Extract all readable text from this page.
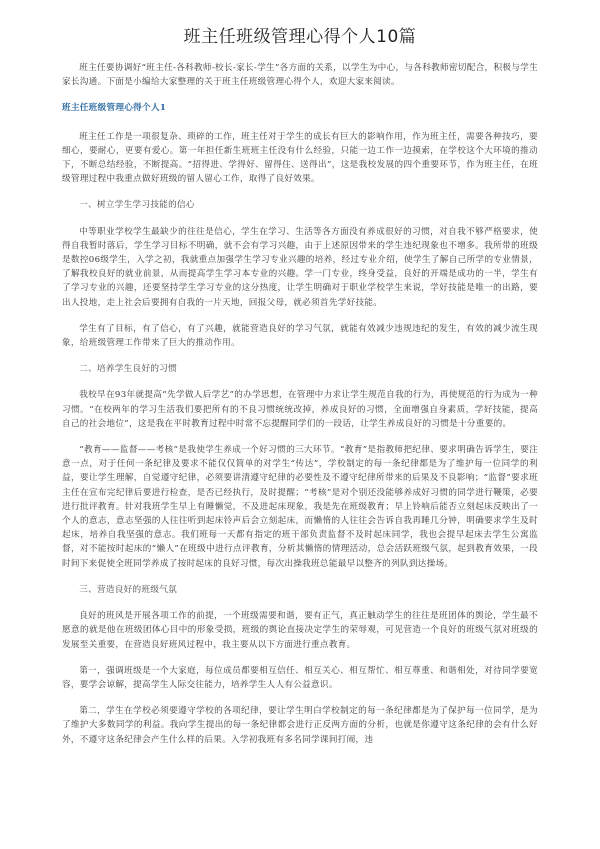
班主任班级管理心得个人10篇

班主任要协调好“班主任-各科教师-校长-家长-学生”各方面的关系，以学生为中心，与各科教师密切配合，积极与学生家长沟通。下面是小编给大家整理的关于班主任班级管理心得个人，欢迎大家来阅读。

班主任班级管理心得个人1

班主任工作是一项很复杂、琐碎的工作，班主任对于学生的成长有巨大的影响作用，作为班主任，需要各种技巧，要细心，要耐心，更要有爱心。第一年担任新生班班主任没有什么经验，只能一边工作一边摸索，在学校这个大环境的推动下，不断总结经验，不断提高。“招得进、学得好、留得住、送得出”，这是我校发展的四个重要环节，作为班主任，在班级管理过程中我重点做好班级的留人留心工作，取得了良好效果。

一、树立学生学习技能的信心

中等职业学校学生最缺少的往往是信心，学生在学习、生活等各方面没有养成很好的习惯，对自我不够严格要求，使得自我暂时落后，学生学习目标不明确，就不会有学习兴趣，由于上述原因带来的学生违纪现象也不增多。我所带的班级是数控06级学生，入学之初，我就重点加强学生学习专业兴趣的培养，经过专业介绍，使学生了解自己所学的专业情景，了解我校良好的就业前景，从而提高学生学习本专业的兴趣。学一门专业，终身受益，良好的开端是成功的一半，学生有了学习专业的兴趣，还要坚持学生学习专业的这分热度，让学生明确对于职业学校学生来说，学好技能是唯一的出路，要出人投地，走上社会后要拥有自我的一片天地，回报父母，就必须首先学好技能。

学生有了目标，有了信心，有了兴趣，就能营造良好的学习气氛，就能有效减少违规违纪的发生，有效的减少流生现象，给班级管理工作带来了巨大的推动作用。

二、培养学生良好的习惯

我校早在93年就提高“先学做人后学艺”的办学思想，在管理中力求让学生规范自我的行为，再使规范的行为成为一种习惯。“在校两年的学习生活我们要把所有的不良习惯统统改掉，养成良好的习惯，全面增强自身素质，学好技能，提高自己的社会地位”，这是我在平时教育过程中时常不忘提醒同学们的一段话，让学生养成良好的习惯是十分重要的。

“教育——监督——考核”是我使学生养成一个好习惯的三大环节。“教育”是指教师把纪律、要求明确告诉学生，要注意一点，对于任何一条纪律及要求不能仅仅简单的对学生“传达”，学校制定的每一条纪律都是为了维护每一位同学的利益，要让学生理解，自觉遵守纪律，必须要讲清遵守纪律的必要性及不遵守纪律所带来的后果及不良影响；“监督”要求班主任在宣布完纪律后要进行检查，是否已经执行，及时提醒；“考核”是对个别还没能够养成好习惯的同学进行鞭策，必要进行批评教育。针对我班学生早上有睡懒觉，不及进起床现象，我是先在班级教育；早上铃响后能否立刻起床反映出了一个人的意志，意志坚强的人往往听到起床铃声后会立刻起床，而懒惰的人往往会告诉自我再睡几分钟，明确要求学生及时起床，培养自我坚强的意志。我们班每一天都有指定的班干部负责监督不及时起床同学，我也会提早起床去学生公寓监督，对不能按时起床的“懒人”在班级中进行点评教育，分析其懒惰的情理活动，总会活跃班级气氛，起到教育效果，一段时间下来促使全班同学养成了按时起床的良好习惯，每次出操我班总能最早以整齐的列队到达操场。

三、营造良好的班级气氛

良好的班风是开展各项工作的前提，一个班级需要和谐，要有正气，真正触动学生的往往是班团体的舆论，学生最不愿意的就是他在班级团体心目中的形象受损，班级的舆论直接决定学生的荣辱观，可见营造一个良好的班级气氛对班级的发展至关重要，在营造良好班风过程中，我主要从以下方面进行重点教育。

第一，强调班级是一个大家庭，每位成员都要相互信任、相互关心、相互帮忙、相互尊重、和谐相处，对待同学要宽容，要学会谅解，提高学生人际交往能力，培养学生人人有公益意识。

第二，学生在学校必须要遵守学校的各项纪律，要让学生明白学校制定的每一条纪律都是为了保护每一位同学，是为了维护大多数同学的利益。我向学生提出的每一条纪律都会进行正反两方面的分析，也就是你遵守这条纪律的会有什么好外，不遵守这条纪律会产生什么样的后果。入学初我班有多名同学课间打闹，违
